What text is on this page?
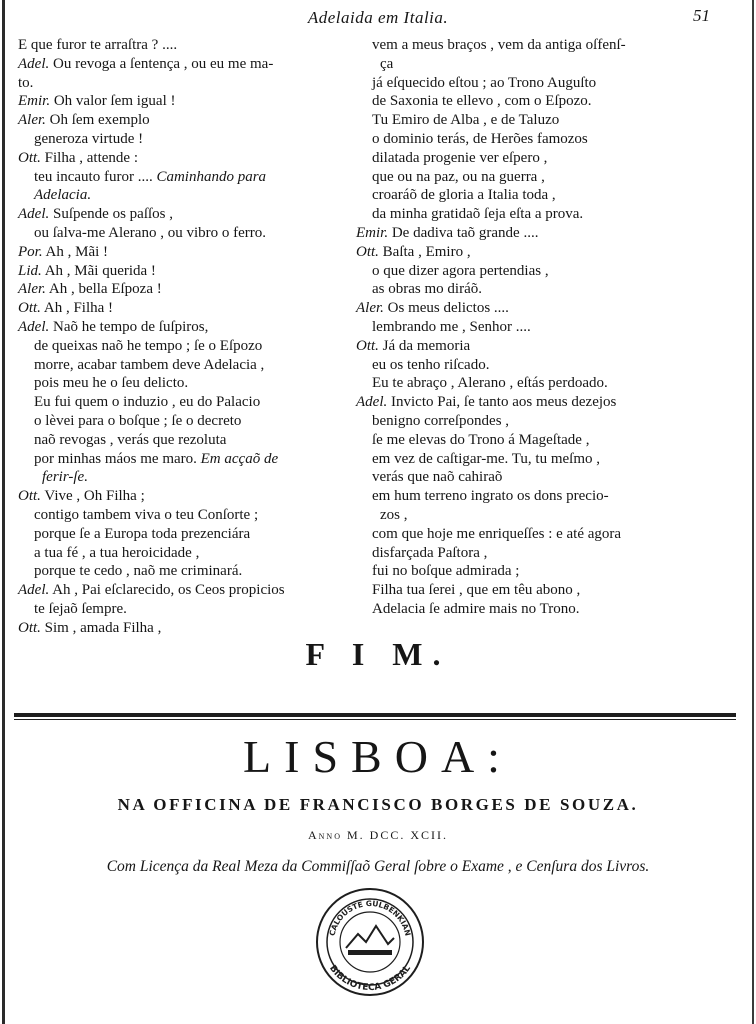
Adelaida em Italia.	51
E que furor te arraſtra ? ....
Adel. Ou revoga a ſentença , ou eu me ma-
to.
Emir. Oh valor ſem igual !
Aler. Oh ſem exemplo
generoza virtude !
Ott. Filha , attende :
teu incauto furor .... Caminhando para
Adelacia.
Adel. Suſpende os paſſos ,
ou ſalva-me Alerano , ou vibro o ferro.
Por. Ah , Mãi !
Lid. Ah , Mãi querida !
Aler. Ah , bella Eſpoza !
Ott. Ah , Filha !
Adel. Naõ he tempo de ſuſpiros,
de queixas naõ he tempo ; ſe o Eſpozo
morre, acabar tambem deve Adelacia ,
pois meu he o ſeu delicto.
Eu fui quem o induzio , eu do Palacio
o lèvei para o boſque ; ſe o decreto
naõ revogas , verás que rezoluta
por minhas máos me maro. Em acçaõ de
ferir-ſe.
Ott. Vive , Oh Filha ;
contigo tambem viva o teu Conſorte ;
porque ſe a Europa toda prezenciára
a tua fé , a tua heroicidade ,
porque te cedo , naõ me criminará.
Adel. Ah , Pai eſclarecido, os Ceos propicios
te ſejaõ ſempre.
Ott. Sim , amada Filha ,
vem a meus braços , vem da antiga oſfenſ-
ça
já eſquecido eſtou ; ao Trono Auguſto
de Saxonia te ellevo , com o Eſpozo.
Tu Emiro de Alba , e de Taluzo
o dominio terás, de Herões famozos
dilatada progenie ver eſpero ,
que ou na paz, ou na guerra ,
croaráõ de gloria a Italia toda ,
da minha gratidaõ ſeja eſta a prova.
Emir. De dadiva taõ grande ....
Ott. Baſta , Emiro ,
o que dizer agora pertendias ,
as obras mo diráõ.
Aler. Os meus delictos ....
lembrando me , Senhor ....
Ott. Já da memoria
eu os tenho riſcado.
Eu te abraço , Alerano , eſtás perdoado.
Adel. Invicto Pai, ſe tanto aos meus dezejos
benigno correſpondes ,
ſe me elevas do Trono á Mageſtade ,
em vez de caſtigar-me. Tu, tu meſmo ,
verás que naõ cahiraõ
em hum terreno ingrato os dons precio-
zos ,
com que hoje me enriqueſſes : e até agora
disfarçada Paſtora ,
fui no boſque admirada ;
Filha tua ſerei , que em têu abono ,
Adelacia ſe admire mais no Trono.
F I M.
LISBOA:
NA OFFICINA DE FRANCISCO BORGES DE SOUZA.
Anno M. DCC. XCII.
Com Licença da Real Meza da Commiſſaõ Geral ſobre o Exame , e Cenſura dos Livros.
CALOUSTE GULBENKIAN
BIBLIOTECA GERAL
